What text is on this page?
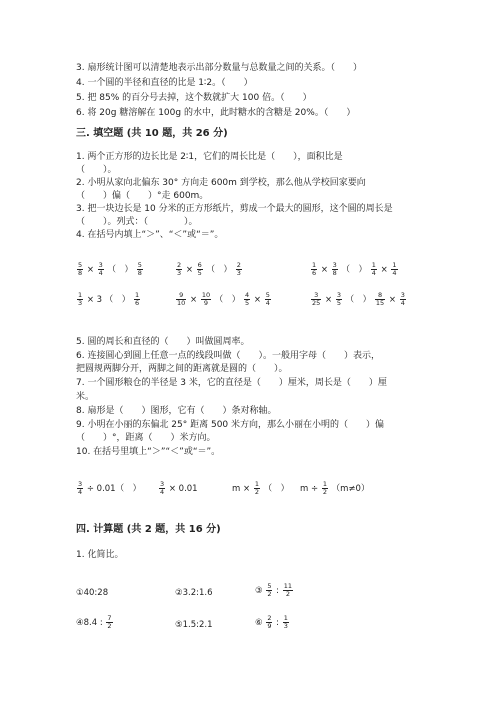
3. 扇形统计图可以清楚地表示出部分数量与总数量之间的关系。（　　）
4. 一个圆的半径和直径的比是 1∶2。（　　）
5. 把 85% 的百分号去掉，这个数就扩大 100 倍。（　　）
6. 将 20g 糖溶解在 100g 的水中，此时糖水的含糖是 20%。（　　）
三. 填空题 (共 10 题，共 26 分)
1. 两个正方形的边长比是 2∶1，它们的周长比是（　　），面积比是
（　　）。
2. 小明从家向北偏东 30° 方向走 600m 到学校，那么他从学校回家要向
（　　）偏（　　）°走 600m。
3. 把一块边长是 10 分米的正方形纸片，剪成一个最大的圆形，这个圆的周长是
（　　）。列式：（　　　　）。
4. 在括号内填上“＞”、“＜”或“＝”。
$\frac{5}{8} \times \frac{3}{4}$ （　） $\frac{5}{8}$	$\frac{2}{3} \times \frac{6}{5}$ （　） $\frac{2}{3}$	$\frac{1}{6} \times \frac{3}{8}$ （　） $\frac{1}{4} \times \frac{1}{4}$
$\frac{1}{3} \times 3$ （　） $\frac{1}{6}$	$\frac{9}{10} \times \frac{10}{9}$ （　） $\frac{4}{5} \times \frac{5}{4}$	$\frac{3}{25} \times \frac{3}{5}$ （　） $\frac{8}{15} \times \frac{3}{4}$
5. 圆的周长和直径的（　　）叫做圆周率。
6. 连接圆心到圆上任意一点的线段叫做（　　）。一般用字母（　　）表示，
把圆规两脚分开，两脚之间的距离就是圆的（　　）。
7. 一个圆形粮仓的半径是 3 米，它的直径是（　　）厘米，周长是（　　）厘
米。
8. 扇形是（　　）图形，它有（　　）条对称轴。
9. 小明在小丽的东偏北 25° 距离 500 米方向，那么小丽在小明的（　　）偏
（　　）°，距离（　　）米方向。
10. 在括号里填上“＞”“＜”或“＝”。
$\frac{3}{4} \div 0.01$（　）	$\frac{3}{4} \times 0.01$	$m \times \frac{1}{2}$ （　） $m \div \frac{1}{2} (m\ne 0)$
四. 计算题 (共 2 题，共 16 分)
1. 化简比。
①40:28	②3.2:1.6	③ $\frac{5}{2}$ : $\frac{11}{2}$
④8.4 : $\frac{7}{2}$	⑤1.5:2.1	⑥ $\frac{2}{9}$ : $\frac{1}{3}$
